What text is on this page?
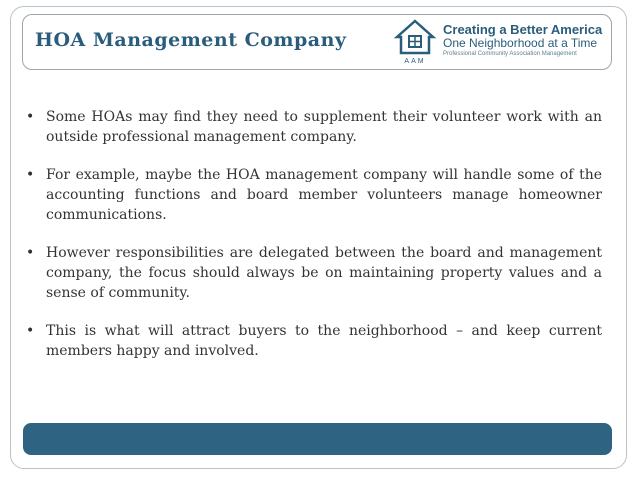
HOA Management Company
AAM
Creating a Better America
One Neighborhood at a Time
Professional Community Association Management
• Some HOAs may find they need to supplement their volunteer work with an outside professional management company.
• For example, maybe the HOA management company will handle some of the accounting functions and board member volunteers manage homeowner communications.
• However responsibilities are delegated between the board and management company, the focus should always be on maintaining property values and a sense of community.
• This is what will attract buyers to the neighborhood – and keep current members happy and involved.
